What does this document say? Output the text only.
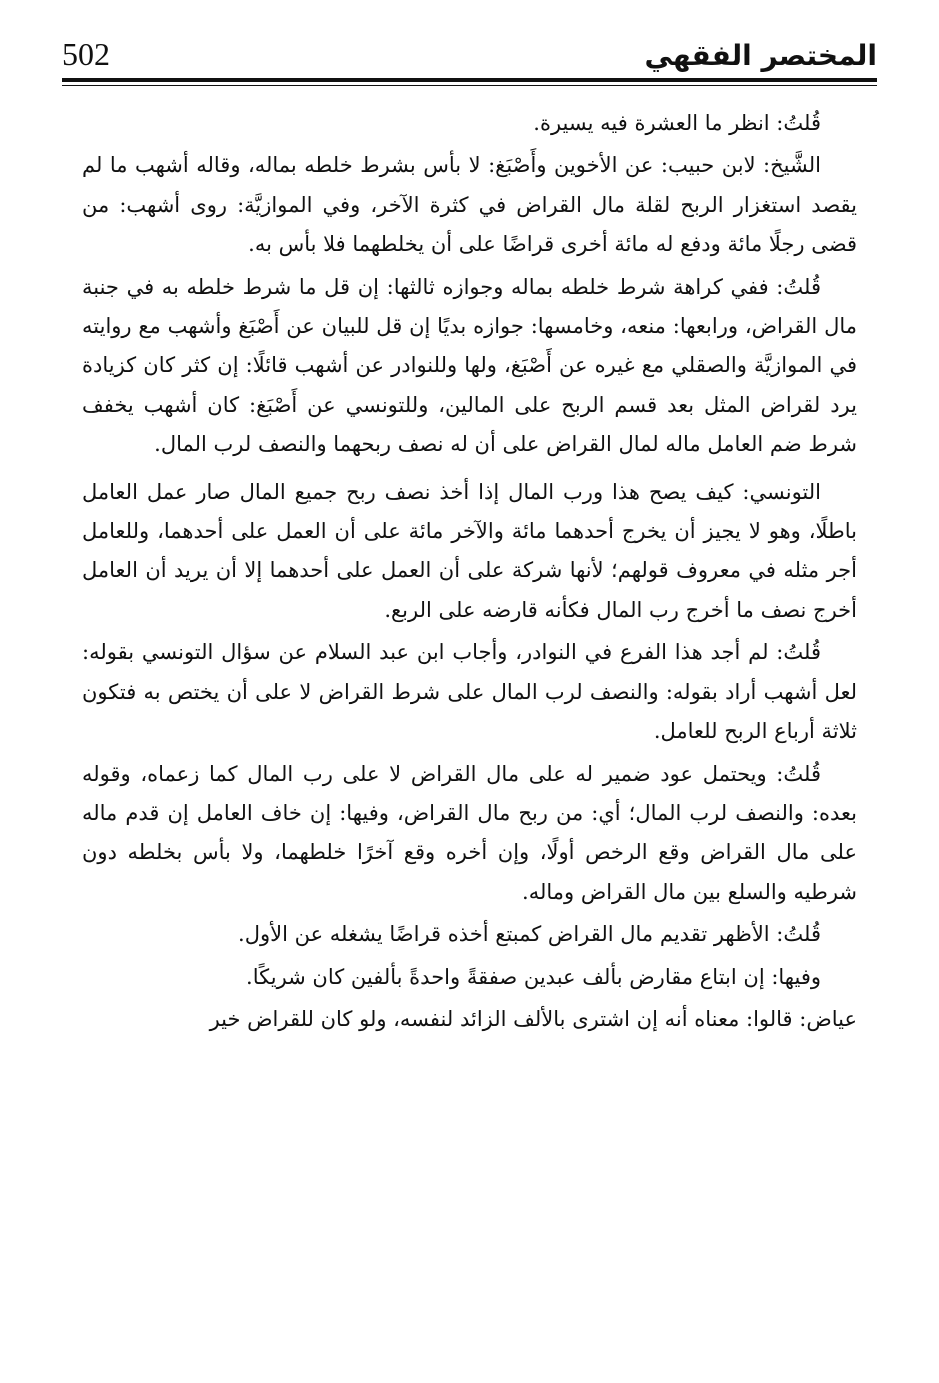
502	المختصر الفقهي

قُلتُ: انظر ما العشرة فيه يسيرة.

الشَّيخ: لابن حبيب: عن الأخوين وأَصْبَغ: لا بأس بشرط خلطه بماله، وقاله أشهب ما لم يقصد استغزار الربح لقلة مال القراض في كثرة الآخر، وفي الموازيَّة: روى أشهب: من قضى رجلًا مائة ودفع له مائة أخرى قراضًا على أن يخلطهما فلا بأس به.

قُلتُ: ففي كراهة شرط خلطه بماله وجوازه ثالثها: إن قل ما شرط خلطه به في جنبة مال القراض، ورابعها: منعه، وخامسها: جوازه بديًا إن قل للبيان عن أَصْبَغ وأشهب مع روايته في الموازيَّة والصقلي مع غيره عن أَصْبَغ، ولها وللنوادر عن أشهب قائلًا: إن كثر كان كزيادة يرد لقراض المثل بعد قسم الربح على المالين، وللتونسي عن أَصْبَغ: كان أشهب يخفف شرط ضم العامل ماله لمال القراض على أن له نصف ربحهما والنصف لرب المال.

التونسي: كيف يصح هذا ورب المال إذا أخذ نصف ربح جميع المال صار عمل العامل باطلًا، وهو لا يجيز أن يخرج أحدهما مائة والآخر مائة على أن العمل على أحدهما، وللعامل أجر مثله في معروف قولهم؛ لأنها شركة على أن العمل على أحدهما إلا أن يريد أن العامل أخرج نصف ما أخرج رب المال فكأنه قارضه على الربع.

قُلتُ: لم أجد هذا الفرع في النوادر، وأجاب ابن عبد السلام عن سؤال التونسي بقوله: لعل أشهب أراد بقوله: والنصف لرب المال على شرط القراض لا على أن يختص به فتكون ثلاثة أرباع الربح للعامل.

قُلتُ: ويحتمل عود ضمير له على مال القراض لا على رب المال كما زعماه، وقوله بعده: والنصف لرب المال؛ أي: من ربح مال القراض، وفيها: إن خاف العامل إن قدم ماله على مال القراض وقع الرخص أولًا، وإن أخره وقع آخرًا خلطهما، ولا بأس بخلطه دون شرطيه والسلع بين مال القراض وماله.

قُلتُ: الأظهر تقديم مال القراض كمبتع أخذه قراضًا يشغله عن الأول.

وفيها: إن ابتاع مقارض بألف عبدين صفقةً واحدةً بألفين كان شريكًا.

عياض: قالوا: معناه أنه إن اشترى بالألف الزائد لنفسه، ولو كان للقراض خير
